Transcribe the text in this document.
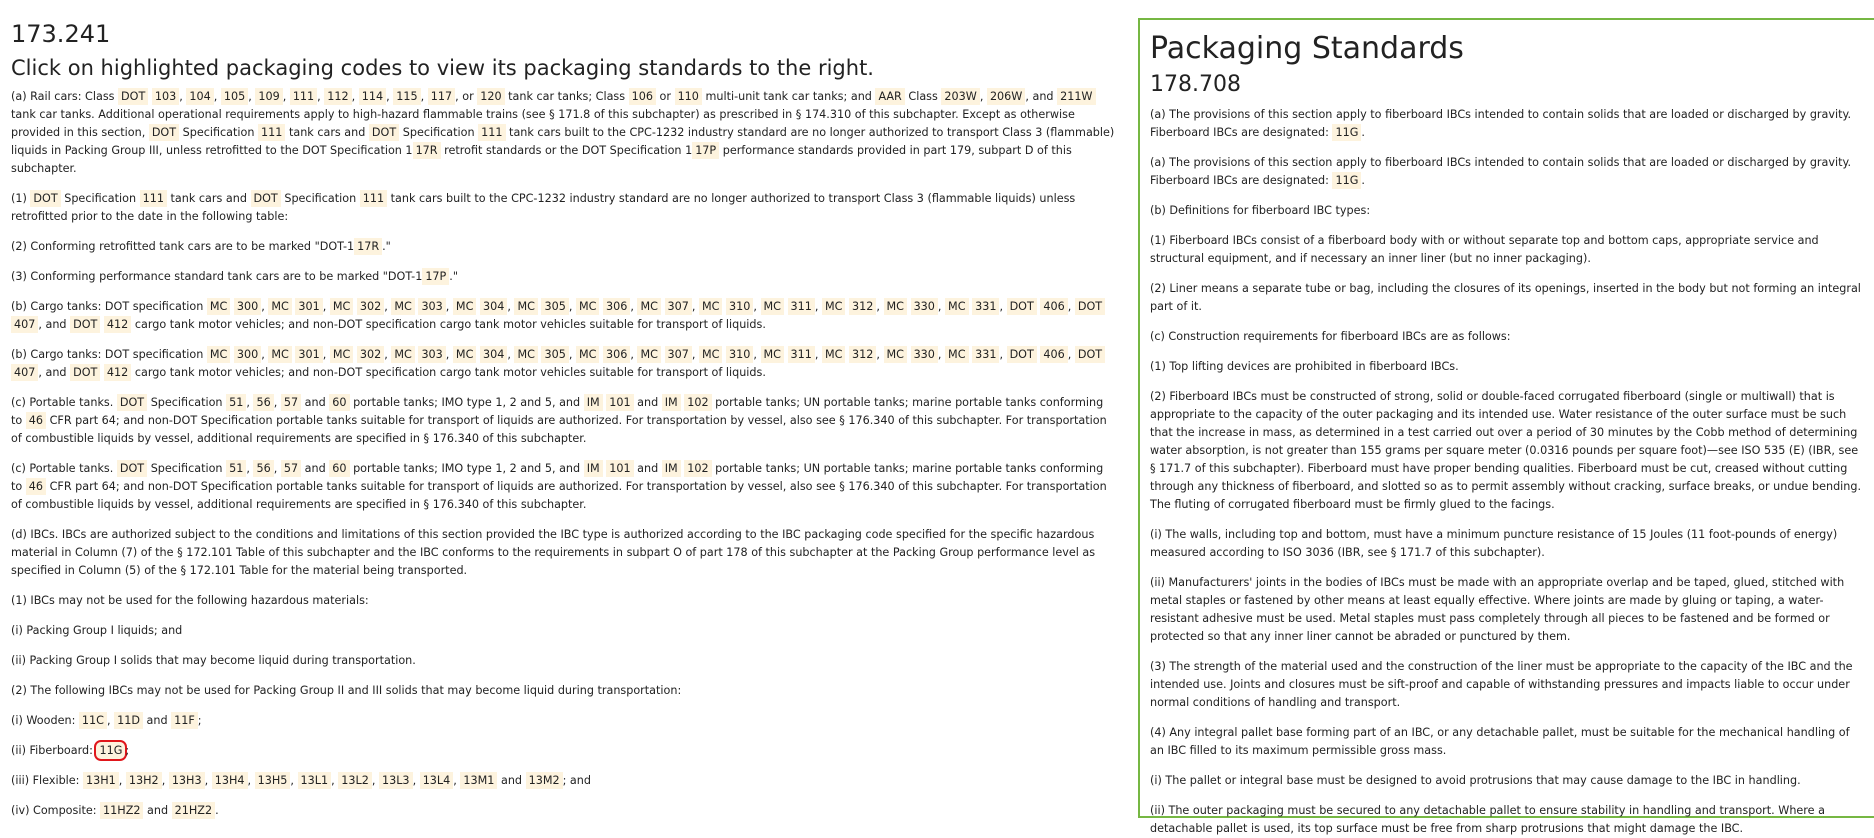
173.241
Click on highlighted packaging codes to view its packaging standards to the right.
(a) Rail cars: Class DOT 103 , 104 , 105 , 109 , 111 , 112 , 114 , 115 , 117 , or 120 tank car tanks; Class 106 or 110 multi-unit tank car tanks; and AAR Class 203W , 206W , and 211W tank car tanks. Additional operational requirements apply to high-hazard flammable trains (see § 171.8 of this subchapter) as prescribed in § 174.310 of this subchapter. Except as otherwise provided in this section, DOT Specification 111 tank cars and DOT Specification 111 tank cars built to the CPC-1232 industry standard are no longer authorized to transport Class 3 (flammable) liquids in Packing Group III, unless retrofitted to the DOT Specification 1 17R retrofit standards or the DOT Specification 1 17P performance standards provided in part 179, subpart D of this subchapter.
(1) DOT Specification 111 tank cars and DOT Specification 111 tank cars built to the CPC-1232 industry standard are no longer authorized to transport Class 3 (flammable liquids) unless retrofitted prior to the date in the following table:
(2) Conforming retrofitted tank cars are to be marked "DOT-1 17R ."
(3) Conforming performance standard tank cars are to be marked "DOT-1 17P ."
(b) Cargo tanks: DOT specification MC 300 , MC 301 , MC 302 , MC 303 , MC 304 , MC 305 , MC 306 , MC 307 , MC 310 , MC 311 , MC 312 , MC 330 , MC 331 , DOT 406 , DOT 407 , and DOT 412 cargo tank motor vehicles; and non-DOT specification cargo tank motor vehicles suitable for transport of liquids.
(b) Cargo tanks: DOT specification MC 300 , MC 301 , MC 302 , MC 303 , MC 304 , MC 305 , MC 306 , MC 307 , MC 310 , MC 311 , MC 312 , MC 330 , MC 331 , DOT 406 , DOT 407 , and DOT 412 cargo tank motor vehicles; and non-DOT specification cargo tank motor vehicles suitable for transport of liquids.
(c) Portable tanks. DOT Specification 51 , 56 , 57 and 60 portable tanks; IMO type 1, 2 and 5, and IM 101 and IM 102 portable tanks; UN portable tanks; marine portable tanks conforming to 46 CFR part 64; and non-DOT Specification portable tanks suitable for transport of liquids are authorized. For transportation by vessel, also see § 176.340 of this subchapter. For transportation of combustible liquids by vessel, additional requirements are specified in § 176.340 of this subchapter.
(c) Portable tanks. DOT Specification 51 , 56 , 57 and 60 portable tanks; IMO type 1, 2 and 5, and IM 101 and IM 102 portable tanks; UN portable tanks; marine portable tanks conforming to 46 CFR part 64; and non-DOT Specification portable tanks suitable for transport of liquids are authorized. For transportation by vessel, also see § 176.340 of this subchapter. For transportation of combustible liquids by vessel, additional requirements are specified in § 176.340 of this subchapter.
(d) IBCs. IBCs are authorized subject to the conditions and limitations of this section provided the IBC type is authorized according to the IBC packaging code specified for the specific hazardous material in Column (7) of the § 172.101 Table of this subchapter and the IBC conforms to the requirements in subpart O of part 178 of this subchapter at the Packing Group performance level as specified in Column (5) of the § 172.101 Table for the material being transported.
(1) IBCs may not be used for the following hazardous materials:
(i) Packing Group I liquids; and
(ii) Packing Group I solids that may become liquid during transportation.
(2) The following IBCs may not be used for Packing Group II and III solids that may become liquid during transportation:
(i) Wooden: 11C , 11D and 11F ;
(ii) Fiberboard: 11G ;
(iii) Flexible: 13H1 , 13H2 , 13H3 , 13H4 , 13H5 , 13L1 , 13L2 , 13L3 , 13L4 , 13M1 and 13M2 ; and
(iv) Composite: 11HZ2 and 21HZ2 .
Packaging Standards
178.708
(a) The provisions of this section apply to fiberboard IBCs intended to contain solids that are loaded or discharged by gravity. Fiberboard IBCs are designated: 11G .
(a) The provisions of this section apply to fiberboard IBCs intended to contain solids that are loaded or discharged by gravity. Fiberboard IBCs are designated: 11G .
(b) Definitions for fiberboard IBC types:
(1) Fiberboard IBCs consist of a fiberboard body with or without separate top and bottom caps, appropriate service and structural equipment, and if necessary an inner liner (but no inner packaging).
(2) Liner means a separate tube or bag, including the closures of its openings, inserted in the body but not forming an integral part of it.
(c) Construction requirements for fiberboard IBCs are as follows:
(1) Top lifting devices are prohibited in fiberboard IBCs.
(2) Fiberboard IBCs must be constructed of strong, solid or double-faced corrugated fiberboard (single or multiwall) that is appropriate to the capacity of the outer packaging and its intended use. Water resistance of the outer surface must be such that the increase in mass, as determined in a test carried out over a period of 30 minutes by the Cobb method of determining water absorption, is not greater than 155 grams per square meter (0.0316 pounds per square foot)—see ISO 535 (E) (IBR, see § 171.7 of this subchapter). Fiberboard must have proper bending qualities. Fiberboard must be cut, creased without cutting through any thickness of fiberboard, and slotted so as to permit assembly without cracking, surface breaks, or undue bending. The fluting of corrugated fiberboard must be firmly glued to the facings.
(i) The walls, including top and bottom, must have a minimum puncture resistance of 15 Joules (11 foot-pounds of energy) measured according to ISO 3036 (IBR, see § 171.7 of this subchapter).
(ii) Manufacturers' joints in the bodies of IBCs must be made with an appropriate overlap and be taped, glued, stitched with metal staples or fastened by other means at least equally effective. Where joints are made by gluing or taping, a water-resistant adhesive must be used. Metal staples must pass completely through all pieces to be fastened and be formed or protected so that any inner liner cannot be abraded or punctured by them.
(3) The strength of the material used and the construction of the liner must be appropriate to the capacity of the IBC and the intended use. Joints and closures must be sift-proof and capable of withstanding pressures and impacts liable to occur under normal conditions of handling and transport.
(4) Any integral pallet base forming part of an IBC, or any detachable pallet, must be suitable for the mechanical handling of an IBC filled to its maximum permissible gross mass.
(i) The pallet or integral base must be designed to avoid protrusions that may cause damage to the IBC in handling.
(ii) The outer packaging must be secured to any detachable pallet to ensure stability in handling and transport. Where a detachable pallet is used, its top surface must be free from sharp protrusions that might damage the IBC.
